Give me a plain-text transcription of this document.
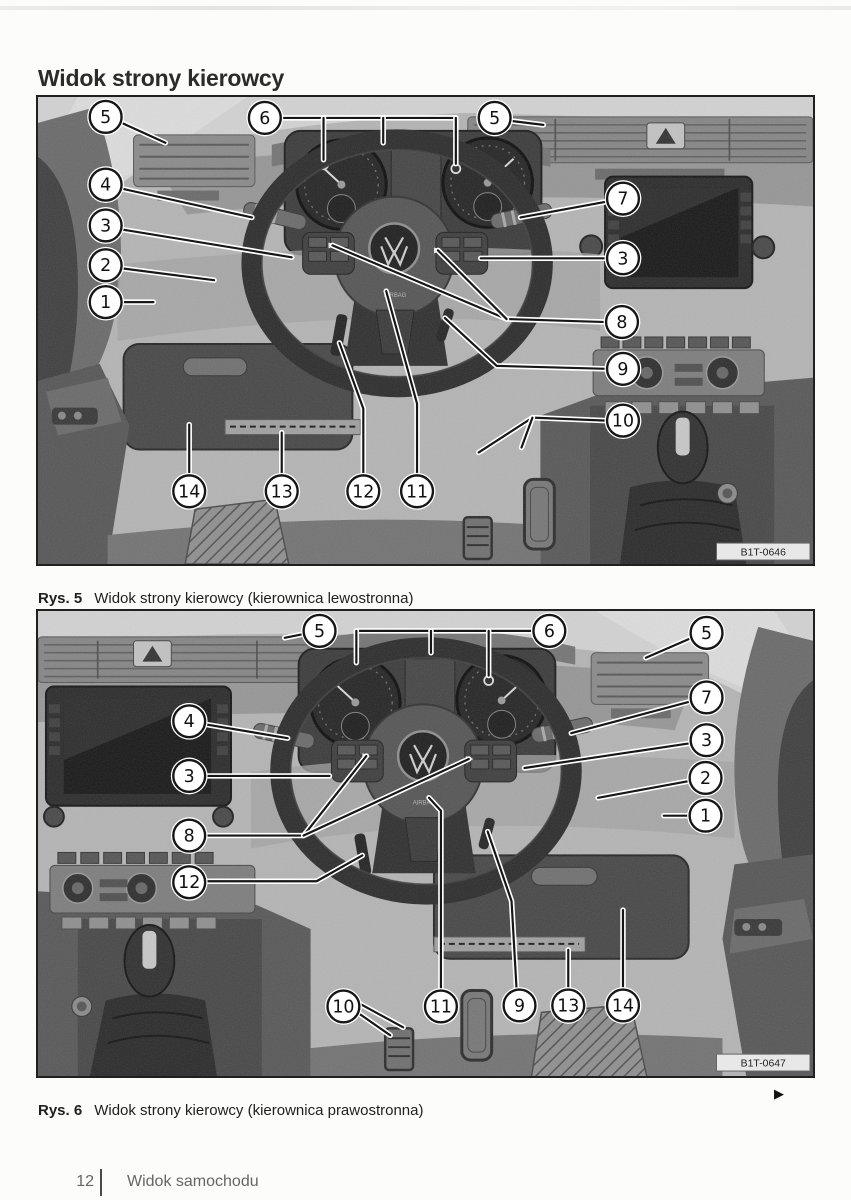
Widok strony kierowcy
AIRBAG
B1T-0646
5	6	5
4
3
2
1
7
3
8
9
10
14	13	12 11

Rys. 5 Widok strony kierowcy (kierownica lewostronna)

AIRBAG
B1T-0647
5	6	5
7
3
2
1
4
3
8
12
10	11	9 13 14

Rys. 6 Widok strony kierowcy (kierownica prawostronna)

▶
12 Widok samochodu
